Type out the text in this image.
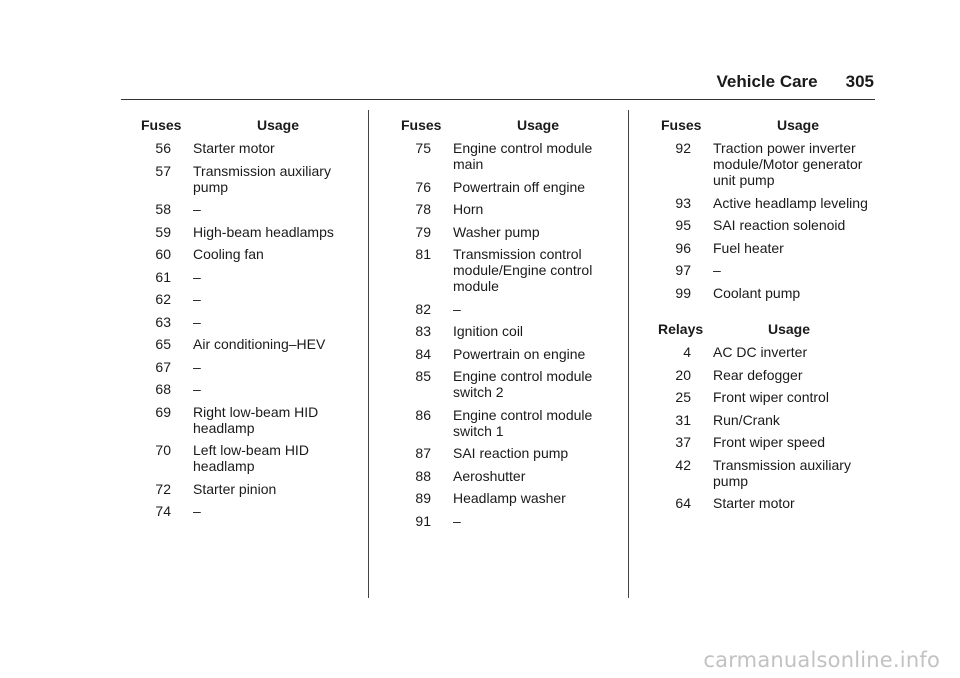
Vehicle Care 305
Fuses	Usage
56	Starter motor
57	Transmission auxiliary pump
58	–
59	High-beam headlamps
60	Cooling fan
61	–
62	–
63	–
65	Air conditioning–HEV
67	–
68	–
69	Right low-beam HID headlamp
70	Left low-beam HID headlamp
72	Starter pinion
74	–
Fuses	Usage
75	Engine control module main
76	Powertrain off engine
78	Horn
79	Washer pump
81	Transmission control module/Engine control module
82	–
83	Ignition coil
84	Powertrain on engine
85	Engine control module switch 2
86	Engine control module switch 1
87	SAI reaction pump
88	Aeroshutter
89	Headlamp washer
91	–
Fuses	Usage
92	Traction power inverter module/Motor generator unit pump
93	Active headlamp leveling
95	SAI reaction solenoid
96	Fuel heater
97	–
99	Coolant pump
Relays	Usage
4	AC DC inverter
20	Rear defogger
25	Front wiper control
31	Run/Crank
37	Front wiper speed
42	Transmission auxiliary pump
64	Starter motor
carmanualsonline.info
